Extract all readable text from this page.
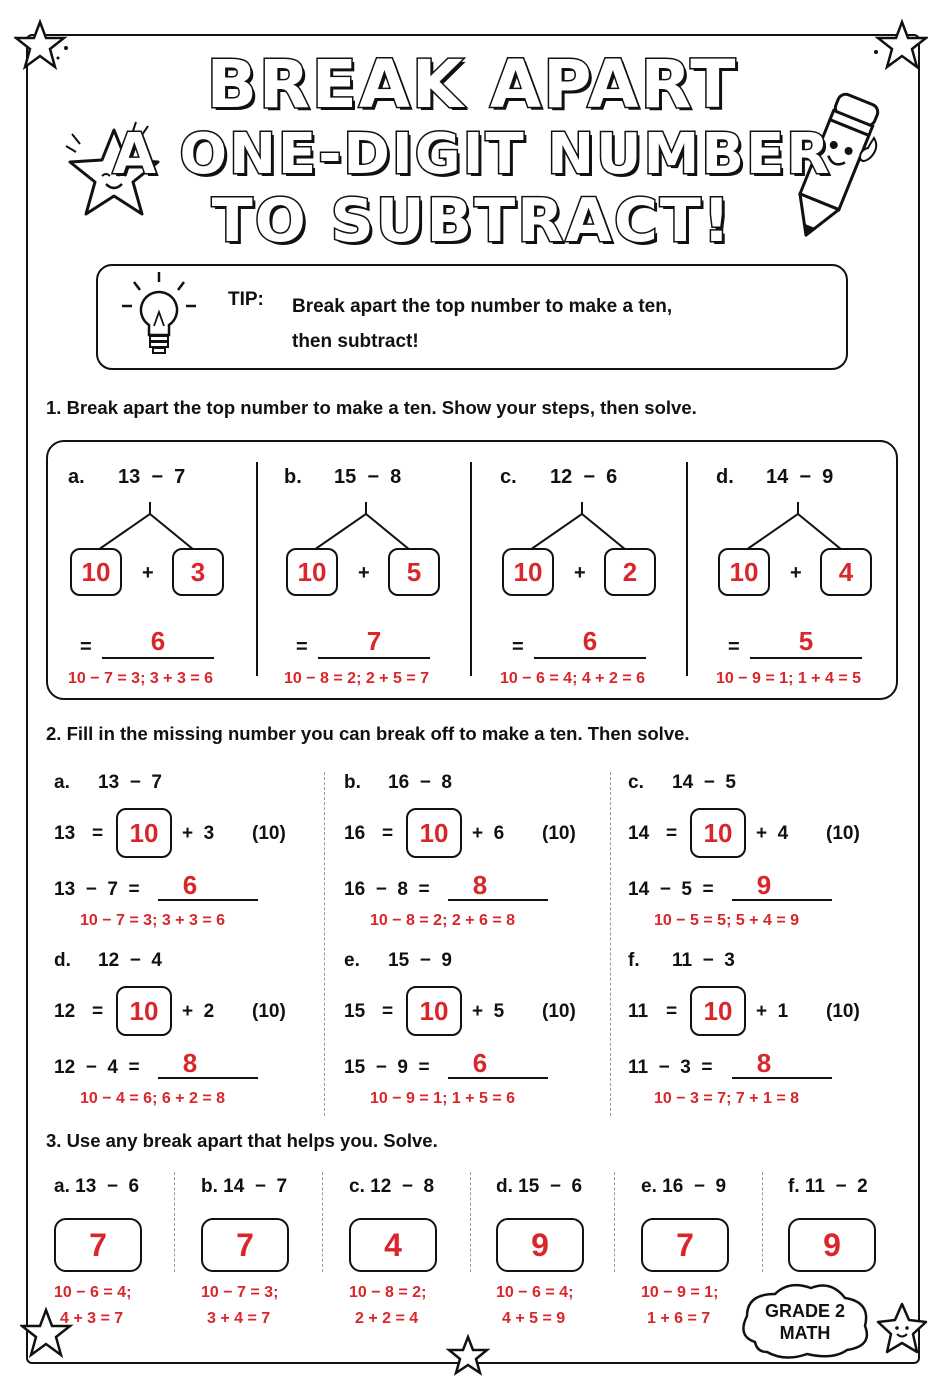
BREAK APART
A ONE-DIGIT NUMBER
TO SUBTRACT!
TIP: Break apart the top number to make a ten,
then subtract!
1. Break apart the top number to make a ten. Show your steps, then solve.
a. 13  −  7
10	+	3
=	6
10 − 7 = 3; 3 + 3 = 6
b. 15  −  8
10	+	5
=	7
10 − 8 = 2; 2 + 5 = 7
c. 12  −  6
10	+	2
=	6
10 − 6 = 4; 4 + 2 = 6
d. 14  −  9
10	+	4
=	5
10 − 9 = 1; 1 + 4 = 5
2. Fill in the missing number you can break off to make a ten. Then solve.
a. 13  −  7
13 =	10	+  3 (10)
13  −  7  =	6
10 − 7 = 3; 3 + 3 = 6
b. 16  −  8
16 =	10	+  6 (10)
16  −  8  =	8
10 − 8 = 2; 2 + 6 = 8
c. 14  −  5
14 =	10	+  4 (10)
14  −  5  =	9
10 − 5 = 5; 5 + 4 = 9
d. 12  −  4
12 =	10	+  2 (10)
12  −  4  =	8
10 − 4 = 6; 6 + 2 = 8
e. 15  −  9
15 =	10	+  5 (10)
15  −  9  =	6
10 − 9 = 1; 1 + 5 = 6
f. 11  −  3
11 =	10	+  1 (10)
11  −  3  =	8
10 − 3 = 7; 7 + 1 = 8
3. Use any break apart that helps you. Solve.
a. 13  −  6
7
10 − 6 = 4;
4 + 3 = 7
b. 14  −  7
7
10 − 7 = 3;
3 + 4 = 7
c. 12  −  8
4
10 − 8 = 2;
2 + 2 = 4
d. 15  −  6
9
10 − 6 = 4;
4 + 5 = 9
e. 16  −  9
7
10 − 9 = 1;
1 + 6 = 7
f. 11  −  2
9
GRADE 2
MATH
